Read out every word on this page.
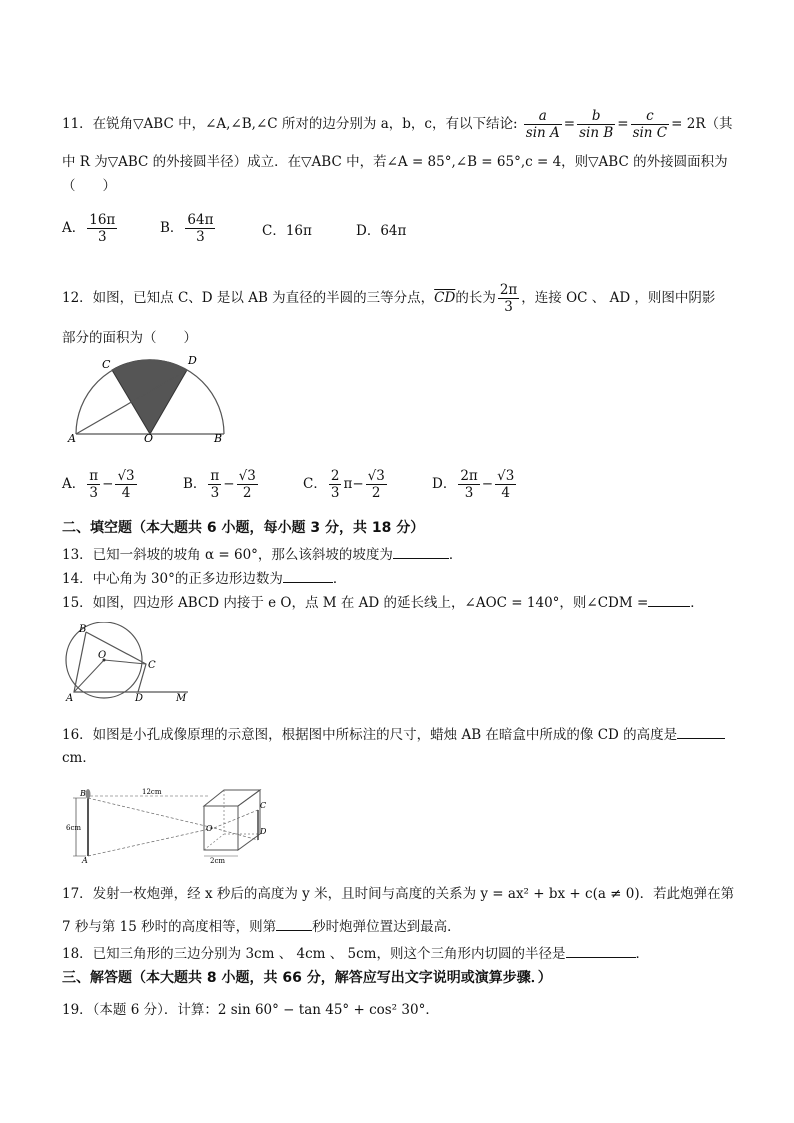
11．在锐角▽ABC 中，∠A,∠B,∠C 所对的边分别为 a，b，c，有以下结论: $\frac{a}{\text{sin A}} = \frac{b}{\text{sin B}} = \frac{c}{\text{sin C}} = 2R$（其
中 R 为▽ABC 的外接圆半径）成立．在▽ABC 中，若∠A = 85°,∠B = 65°,c = 4，则▽ABC 的外接圆面积为
（　　）
A． $\frac{16\pi}{3}$	B． $\frac{64\pi}{3}$	C．16π	D．64π
12．如图，已知点 C、D 是以 AB 为直径的半圆的三等分点，$\overline{CD}$的长为 $\frac{2\pi}{3}$ ，连接 OC 、 AD ，则图中阴影
部分的面积为（　　）
A	O	B
C	D
A． $\frac{\pi}{3} - \frac{√3}{4}$	B． $\frac{\pi}{3} - \frac{√3}{2}$	C． $\frac{2}{3} \pi- \frac{√3}{2}$	D． $\frac{2\pi}{3} - \frac{√3}{4}$
二、填空题（本大题共 6 小题，每小题 3 分，共 18 分）
13．已知一斜坡的坡角 α = 60°，那么该斜坡的坡度为	．
14．中心角为 30°的正多边形边数为	．
15．如图，四边形 ABCD 内接于 e O，点 M 在 AD 的延长线上，∠AOC = 140°，则∠CDM =	．
B
O
C
A	D	M
16．如图是小孔成像原理的示意图，根据图中所标注的尺寸，蜡烛 AB 在暗盒中所成的像 CD 的高度是
cm．
6cm
12cm
2cm
B
A
O
C
D
17．发射一枚炮弹，经 x 秒后的高度为 y 米，且时间与高度的关系为 y = ax² + bx + c(a ≠ 0)．若此炮弹在第
7 秒与第 15 秒时的高度相等，则第	秒时炮弹位置达到最高．
18．已知三角形的三边分别为 3cm 、 4cm 、 5cm，则这个三角形内切圆的半径是	．
三、解答题（本大题共 8 小题，共 66 分，解答应写出文字说明或演算步骤．）
19．（本题 6 分）．计算：2 sin 60° − tan 45° + cos² 30°．
